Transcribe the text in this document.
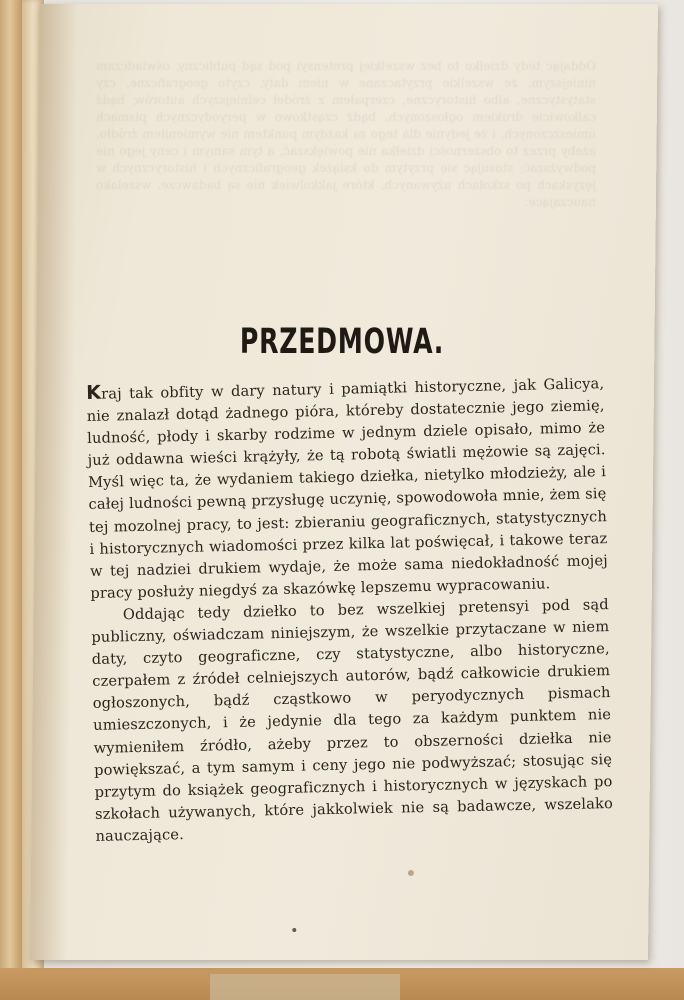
Oddając tedy dziełko to bez wszelkiej pretensyi pod sąd publiczny, oświadczam niniejszym, że wszelkie przytaczane w niem daty, czyto geograficzne, czy statystyczne, albo historyczne, czerpałem z źródeł celniejszych autorów, bądź całkowicie drukiem ogłoszonych, bądź cząstkowo w peryodycznych pismach umieszczonych, i że jedynie dla tego za każdym punktem nie wymieniłem źródło, ażeby przez to obszerności dziełka nie powiększać, a tym samym i ceny jego nie podwyższać; stosując się przytym do książek geograficznych i historycznych w języskach po szkołach używanych, które jakkolwiek nie są badawcze, wszelako nauczające.
PRZEDMOWA.

Kraj tak obfity w dary natury i pamiątki historyczne, jak Galicya, nie znalazł dotąd żadnego pióra, któreby dostatecznie jego ziemię, ludność, płody i skarby rodzime w jednym dziele opisało, mimo że już oddawna wieści krążyły, że tą robotą światli mężowie są zajęci. Myśl więc ta, że wydaniem takiego dziełka, nietylko młodzieży, ale i całej ludności pewną przysługę uczynię, spowodowoła mnie, żem się tej mozolnej pracy, to jest: zbieraniu geograficznych, statystycznych i historycznych wiadomości przez kilka lat poświęcał, i takowe teraz w tej nadziei drukiem wydaje, że może sama niedokładność mojej pracy posłuży niegdyś za skazówkę lepszemu wypracowaniu.

Oddając tedy dziełko to bez wszelkiej pretensyi pod sąd publiczny, oświadczam niniejszym, że wszelkie przytaczane w niem daty, czyto geograficzne, czy statystyczne, albo historyczne, czerpałem z źródeł celniejszych autorów, bądź całkowicie drukiem ogłoszonych, bądź cząstkowo w peryodycznych pismach umieszczonych, i że jedynie dla tego za każdym punktem nie wymieniłem źródło, ażeby przez to obszerności dziełka nie powiększać, a tym samym i ceny jego nie podwyższać; stosując się przytym do książek geograficznych i historycznych w języskach po szkołach używanych, które jakkolwiek nie są badawcze, wszelako nauczające.
